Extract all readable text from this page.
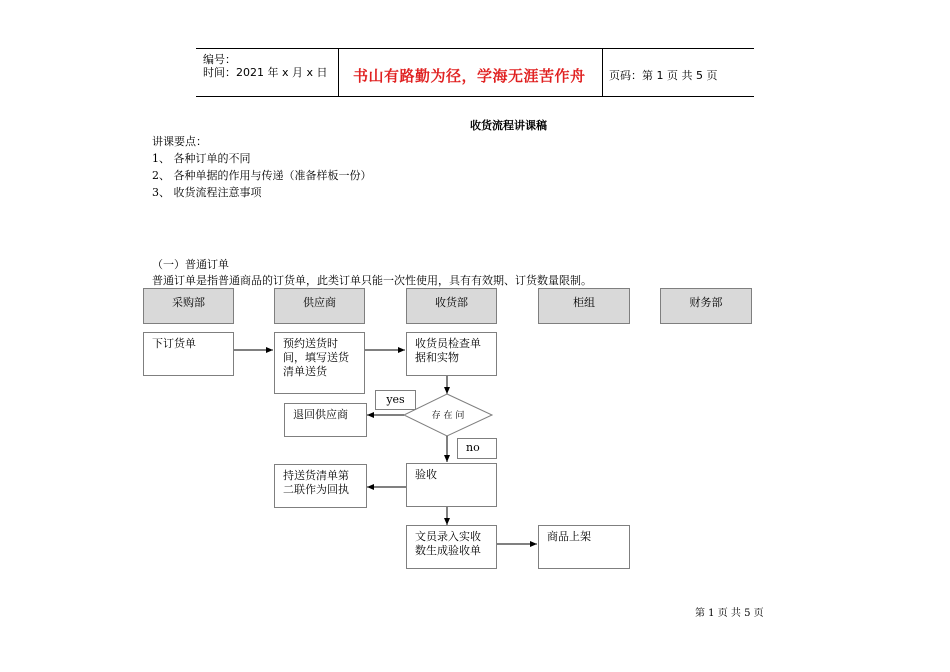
编号：
时间：2021 年 x 月 x 日 书山有路勤为径，学海无涯苦作舟 页码：第 1 页 共 5 页
收货流程讲课稿
讲课要点：
1、 各种订单的不同
2、 各种单据的作用与传递（准备样板一份）
3、 收货流程注意事项
（一）普通订单
普通订单是指普通商品的订货单，此类订单只能一次性使用，具有有效期、订货数量限制。
采购部	供应商	收货部	柜组	财务部
下订货单	预约送货时间，填写送货清单送货
收货员检查单据和实物
yes
存 在 问
退回供应商
no
持送货清单第二联作为回执
验收
文员录入实收数生成验收单
商品上架
第 1 页 共 5 页
